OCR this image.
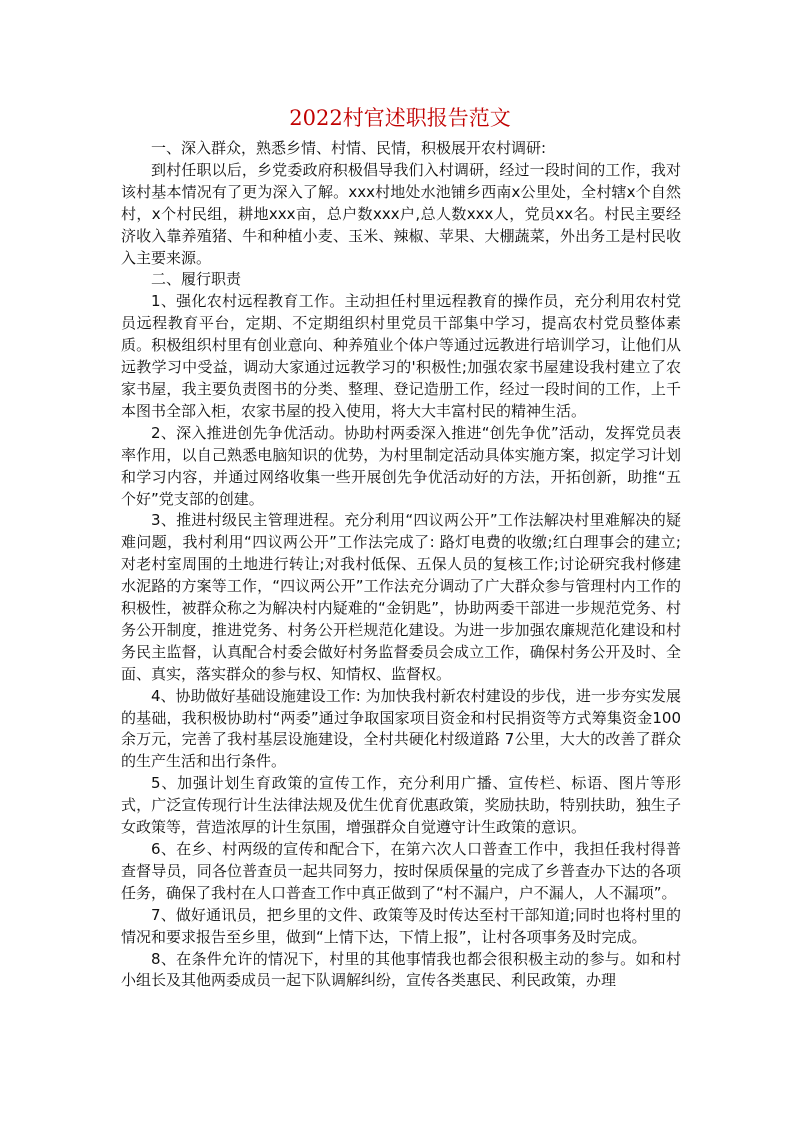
2022村官述职报告范文

一、深入群众，熟悉乡情、村情、民情，积极展开农村调研:

到村任职以后，乡党委政府积极倡导我们入村调研，经过一段时间的工作，我对该村基本情况有了更为深入了解。xxx村地处水池铺乡西南x公里处，全村辖x个自然村，x个村民组，耕地xxx亩，总户数xxx户,总人数xxx人，党员xx名。村民主要经济收入靠养殖猪、牛和种植小麦、玉米、辣椒、苹果、大棚蔬菜，外出务工是村民收入主要来源。

二、履行职责

1、强化农村远程教育工作。主动担任村里远程教育的操作员，充分利用农村党员远程教育平台，定期、不定期组织村里党员干部集中学习，提高农村党员整体素质。积极组织村里有创业意向、种养殖业个体户等通过远教进行培训学习，让他们从远教学习中受益，调动大家通过远教学习的'积极性;加强农家书屋建设我村建立了农家书屋，我主要负责图书的分类、整理、登记造册工作，经过一段时间的工作，上千本图书全部入柜，农家书屋的投入使用，将大大丰富村民的精神生活。

2、深入推进创先争优活动。协助村两委深入推进“创先争优”活动，发挥党员表率作用，以自己熟悉电脑知识的优势，为村里制定活动具体实施方案，拟定学习计划和学习内容，并通过网络收集一些开展创先争优活动好的方法，开拓创新，助推“五个好”党支部的创建。

3、推进村级民主管理进程。充分利用“四议两公开”工作法解决村里难解决的疑难问题，我村利用“四议两公开”工作法完成了: 路灯电费的收缴;红白理事会的建立;对老村室周围的土地进行转让;对我村低保、五保人员的复核工作;讨论研究我村修建水泥路的方案等工作，“四议两公开”工作法充分调动了广大群众参与管理村内工作的积极性，被群众称之为解决村内疑难的“金钥匙”，协助两委干部进一步规范党务、村务公开制度，推进党务、村务公开栏规范化建设。为进一步加强农廉规范化建设和村务民主监督，认真配合村委会做好村务监督委员会成立工作，确保村务公开及时、全面、真实，落实群众的参与权、知情权、监督权。

4、协助做好基础设施建设工作: 为加快我村新农村建设的步伐，进一步夯实发展的基础，我积极协助村“两委”通过争取国家项目资金和村民捐资等方式筹集资金100余万元，完善了我村基层设施建设，全村共硬化村级道路 7公里，大大的改善了群众的生产生活和出行条件。

5、加强计划生育政策的宣传工作，充分利用广播、宣传栏、标语、图片等形式，广泛宣传现行计生法律法规及优生优育优惠政策，奖励扶助，特别扶助，独生子女政策等，营造浓厚的计生氛围，增强群众自觉遵守计生政策的意识。

6、在乡、村两级的宣传和配合下，在第六次人口普查工作中，我担任我村得普查督导员，同各位普查员一起共同努力，按时保质保量的完成了乡普查办下达的各项任务，确保了我村在人口普查工作中真正做到了“村不漏户，户不漏人，人不漏项”。

7、做好通讯员，把乡里的文件、政策等及时传达至村干部知道;同时也将村里的情况和要求报告至乡里，做到“上情下达，下情上报”，让村各项事务及时完成。

8、在条件允许的情况下，村里的其他事情我也都会很积极主动的参与。如和村小组长及其他两委成员一起下队调解纠纷，宣传各类惠民、利民政策，办理
